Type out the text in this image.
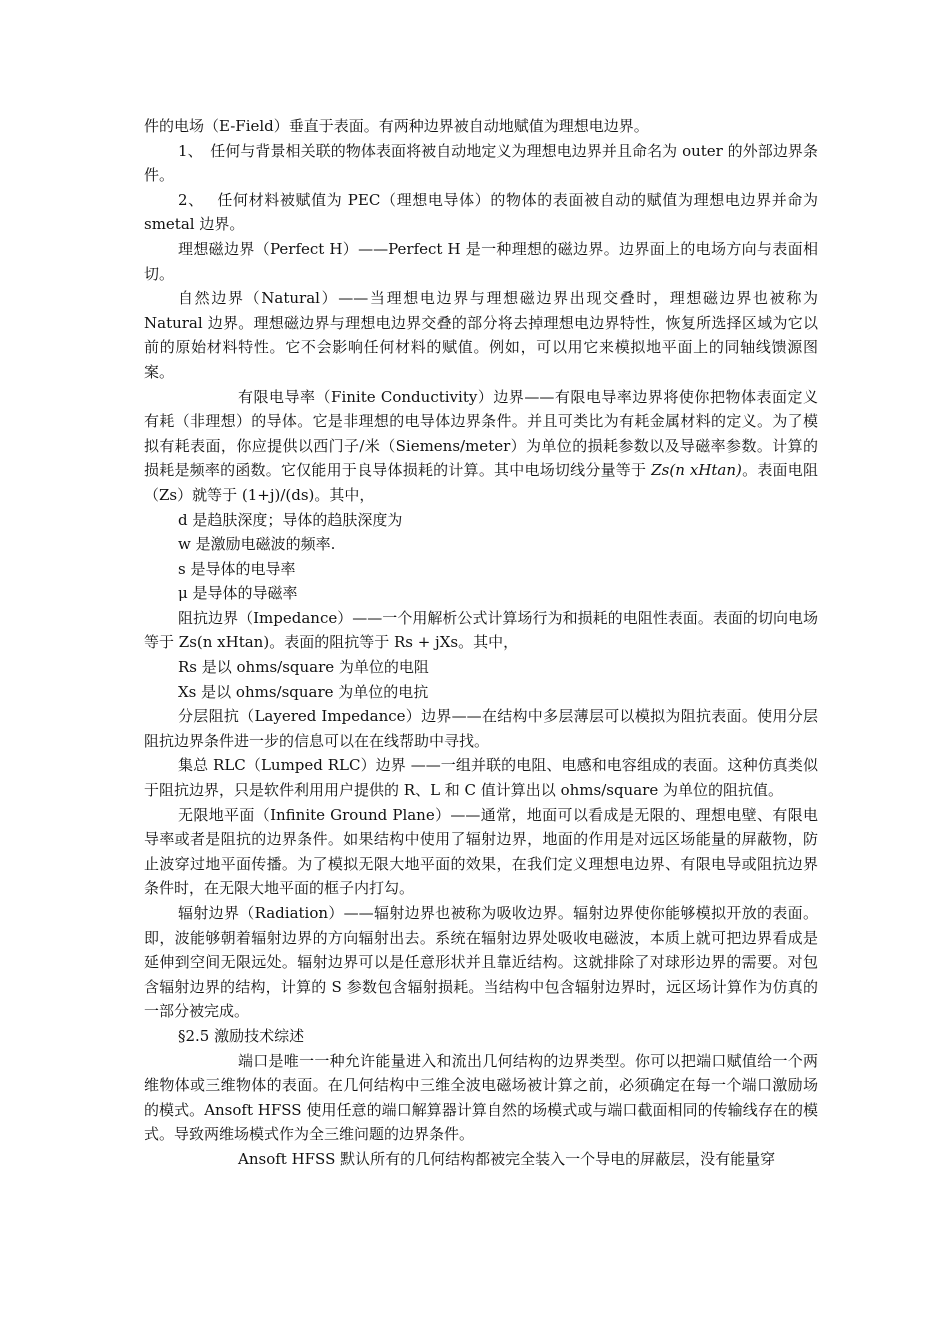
件的电场（E-Field）垂直于表面。有两种边界被自动地赋值为理想电边界。

1、　任何与背景相关联的物体表面将被自动地定义为理想电边界并且命名为 outer 的外部边界条件。

2、　 任何材料被赋值为 PEC（理想电导体）的物体的表面被自动的赋值为理想电边界并命为 smetal 边界。

理想磁边界（Perfect H）——Perfect H 是一种理想的磁边界。边界面上的电场方向与表面相切。

自然边界（Natural）——当理想电边界与理想磁边界出现交叠时，理想磁边界也被称为 Natural 边界。理想磁边界与理想电边界交叠的部分将去掉理想电边界特性，恢复所选择区域为它以前的原始材料特性。它不会影响任何材料的赋值。例如，可以用它来模拟地平面上的同轴线馈源图案。

有限电导率（Finite Conductivity）边界——有限电导率边界将使你把物体表面定义有耗（非理想）的导体。它是非理想的电导体边界条件。并且可类比为有耗金属材料的定义。为了模拟有耗表面，你应提供以西门子/米（Siemens/meter）为单位的损耗参数以及导磁率参数。计算的损耗是频率的函数。它仅能用于良导体损耗的计算。其中电场切线分量等于 Zs(n xHtan)。表面电阻（Zs）就等于 (1+j)/(ds)。其中，

d 是趋肤深度；导体的趋肤深度为

w 是激励电磁波的频率.

s 是导体的电导率

μ 是导体的导磁率

阻抗边界（Impedance）——一个用解析公式计算场行为和损耗的电阻性表面。表面的切向电场等于 Zs(n xHtan)。表面的阻抗等于 Rs + jXs。其中，

Rs 是以 ohms/square 为单位的电阻

Xs 是以 ohms/square 为单位的电抗

分层阻抗（Layered Impedance）边界——在结构中多层薄层可以模拟为阻抗表面。使用分层阻抗边界条件进一步的信息可以在在线帮助中寻找。

集总 RLC（Lumped RLC）边界 ——一组并联的电阻、电感和电容组成的表面。这种仿真类似于阻抗边界，只是软件利用用户提供的 R、L 和 C 值计算出以 ohms/square 为单位的阻抗值。

无限地平面（Infinite Ground Plane）——通常，地面可以看成是无限的、理想电壁、有限电导率或者是阻抗的边界条件。如果结构中使用了辐射边界，地面的作用是对远区场能量的屏蔽物，防止波穿过地平面传播。为了模拟无限大地平面的效果，在我们定义理想电边界、有限电导或阻抗边界条件时，在无限大地平面的框子内打勾。

辐射边界（Radiation）——辐射边界也被称为吸收边界。辐射边界使你能够模拟开放的表面。即，波能够朝着辐射边界的方向辐射出去。系统在辐射边界处吸收电磁波，本质上就可把边界看成是延伸到空间无限远处。辐射边界可以是任意形状并且靠近结构。这就排除了对球形边界的需要。对包含辐射边界的结构，计算的 S 参数包含辐射损耗。当结构中包含辐射边界时，远区场计算作为仿真的一部分被完成。

§2.5 激励技术综述

端口是唯一一种允许能量进入和流出几何结构的边界类型。你可以把端口赋值给一个两维物体或三维物体的表面。在几何结构中三维全波电磁场被计算之前，必须确定在每一个端口激励场的模式。Ansoft HFSS 使用任意的端口解算器计算自然的场模式或与端口截面相同的传输线存在的模式。导致两维场模式作为全三维问题的边界条件。

Ansoft HFSS 默认所有的几何结构都被完全装入一个导电的屏蔽层，没有能量穿
